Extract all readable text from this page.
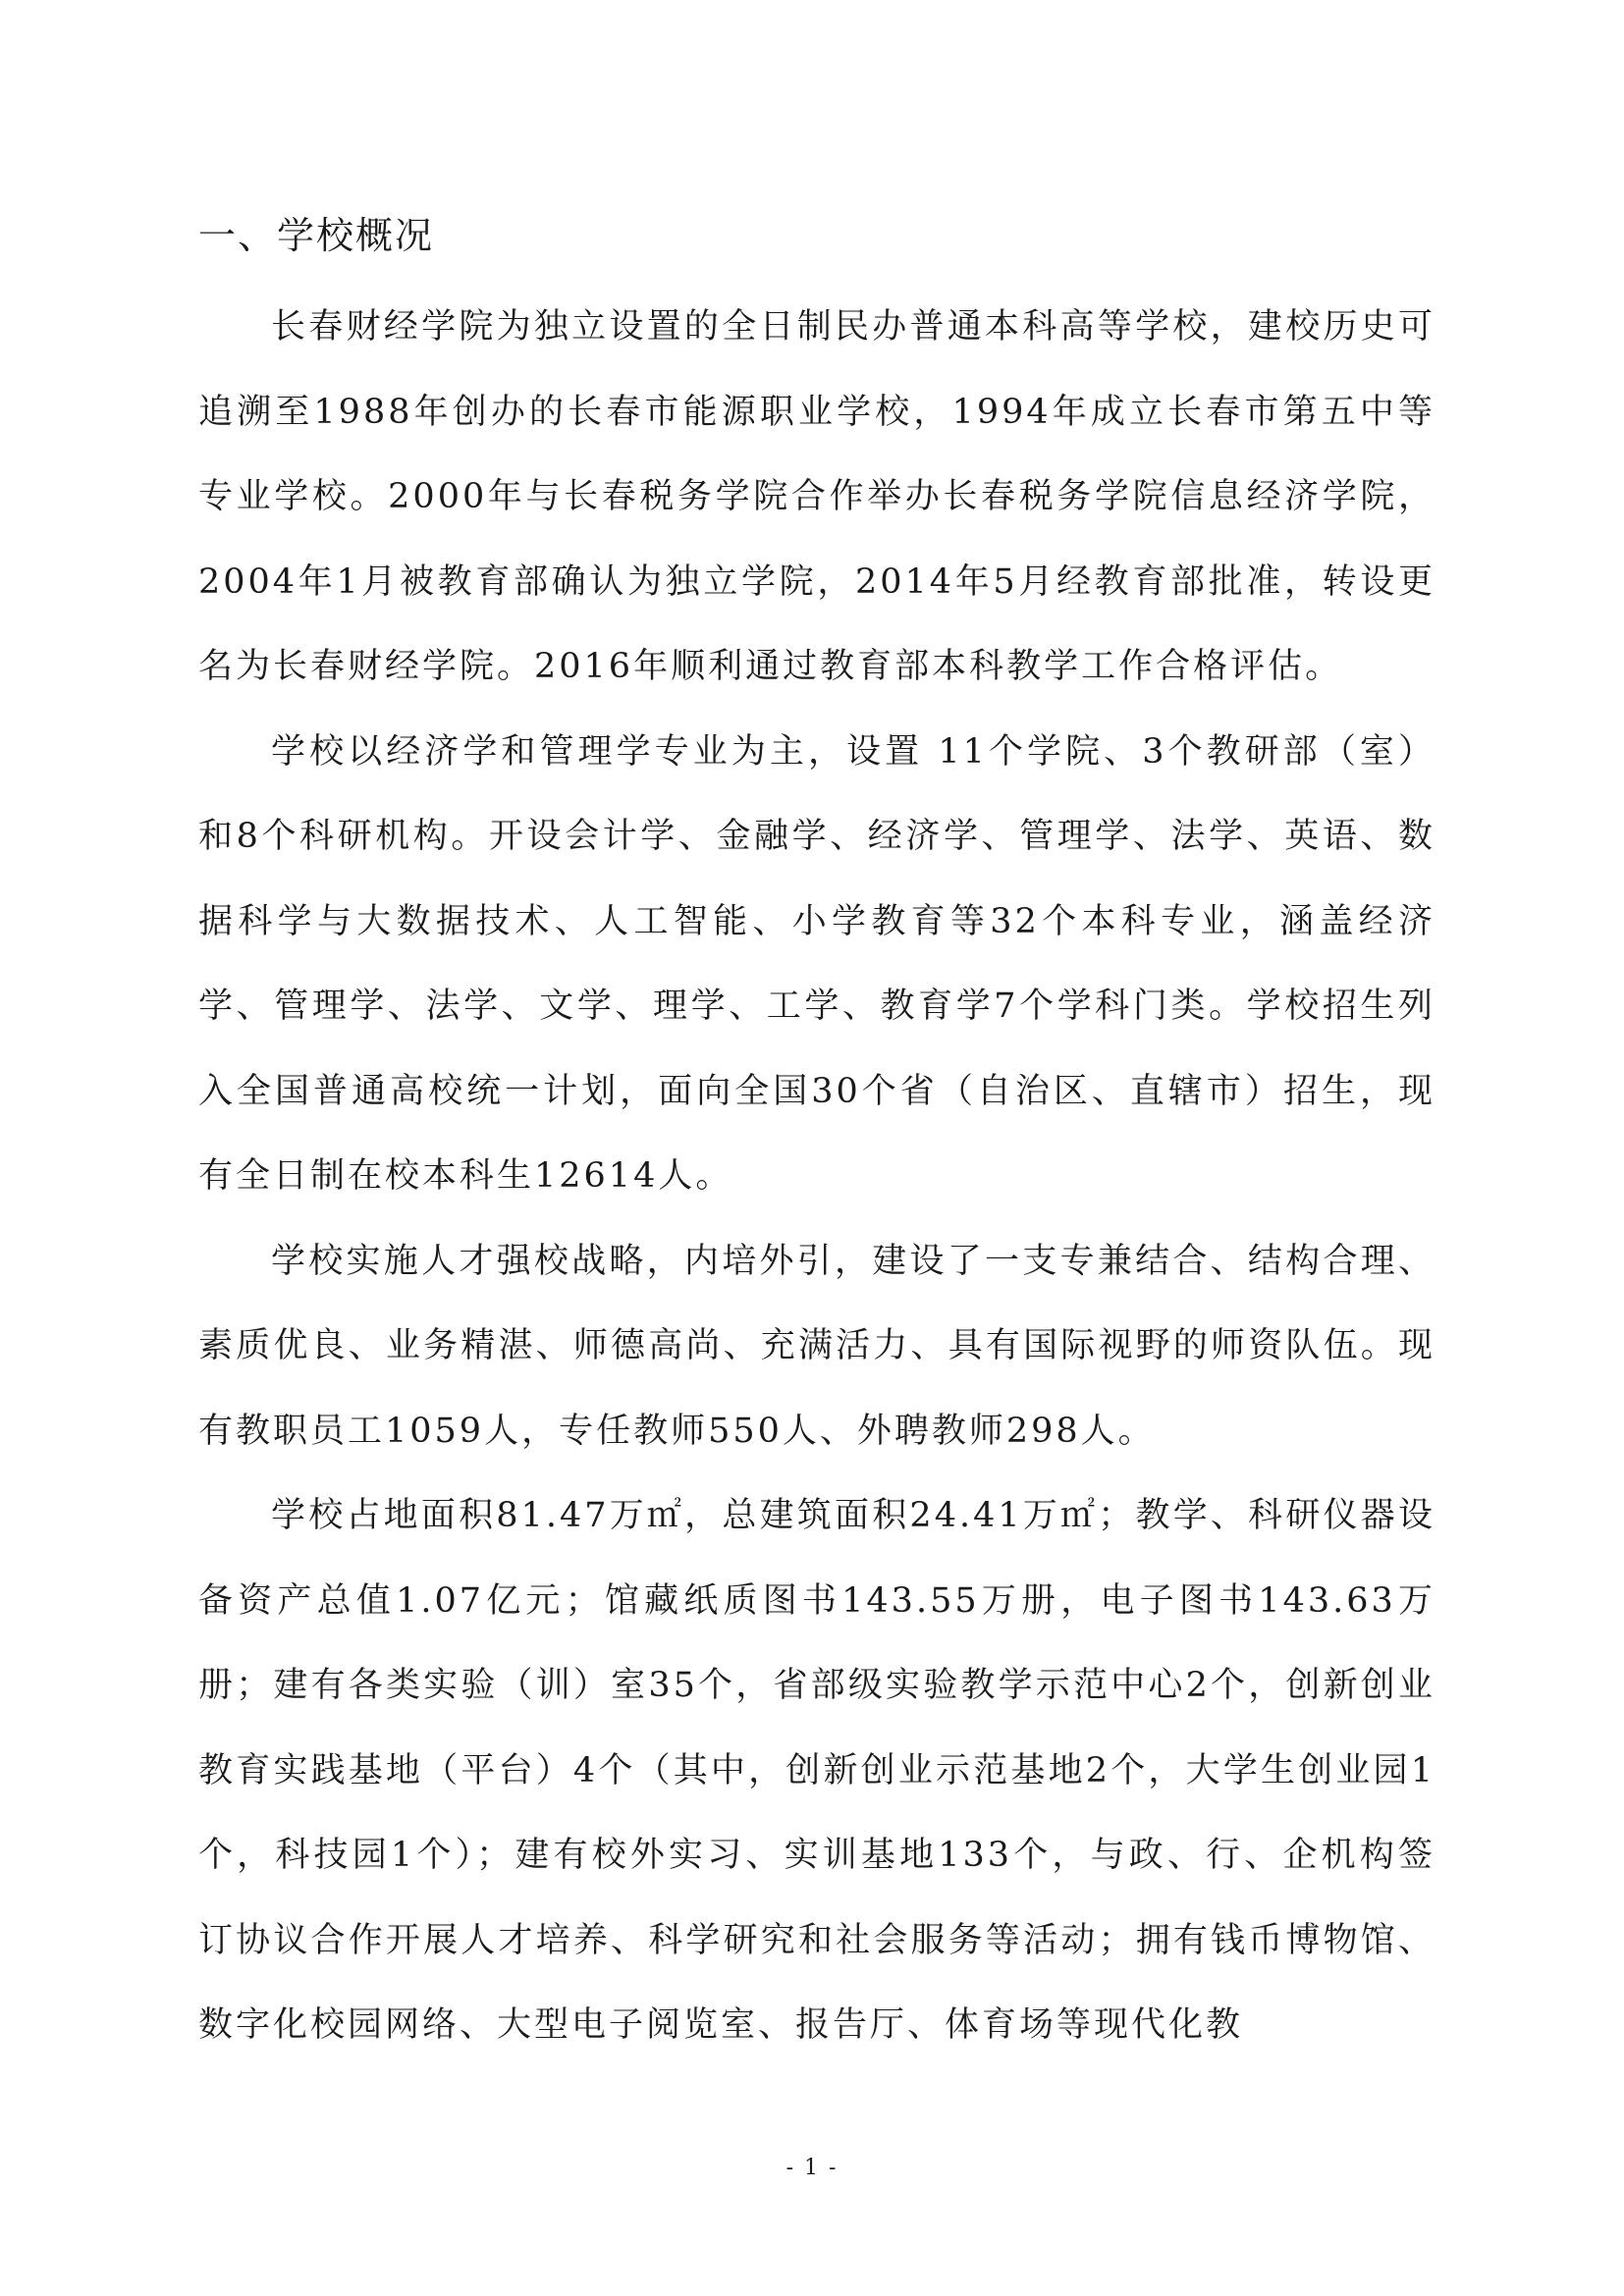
一、学校概况

长春财经学院为独立设置的全日制民办普通本科高等学校，建校历史可追溯至1988年创办的长春市能源职业学校，1994年成立长春市第五中等专业学校。2000年与长春税务学院合作举办长春税务学院信息经济学院，2004年1月被教育部确认为独立学院，2014年5月经教育部批准，转设更名为长春财经学院。2016年顺利通过教育部本科教学工作合格评估。

学校以经济学和管理学专业为主，设置 11个学院、3个教研部（室）和8个科研机构。开设会计学、金融学、经济学、管理学、法学、英语、数据科学与大数据技术、人工智能、小学教育等32个本科专业，涵盖经济学、管理学、法学、文学、理学、工学、教育学7个学科门类。学校招生列入全国普通高校统一计划，面向全国30个省（自治区、直辖市）招生，现有全日制在校本科生12614人。

学校实施人才强校战略，内培外引，建设了一支专兼结合、结构合理、素质优良、业务精湛、师德高尚、充满活力、具有国际视野的师资队伍。现有教职员工1059人，专任教师550人、外聘教师298人。

学校占地面积81.47万㎡，总建筑面积24.41万㎡；教学、科研仪器设备资产总值1.07亿元；馆藏纸质图书143.55万册，电子图书143.63万册；建有各类实验（训）室35个，省部级实验教学示范中心2个，创新创业教育实践基地（平台）4个（其中，创新创业示范基地2个，大学生创业园1个，科技园1个）；建有校外实习、实训基地133个，与政、行、企机构签订协议合作开展人才培养、科学研究和社会服务等活动；拥有钱币博物馆、数字化校园网络、大型电子阅览室、报告厅、体育场等现代化教

- 1 -
